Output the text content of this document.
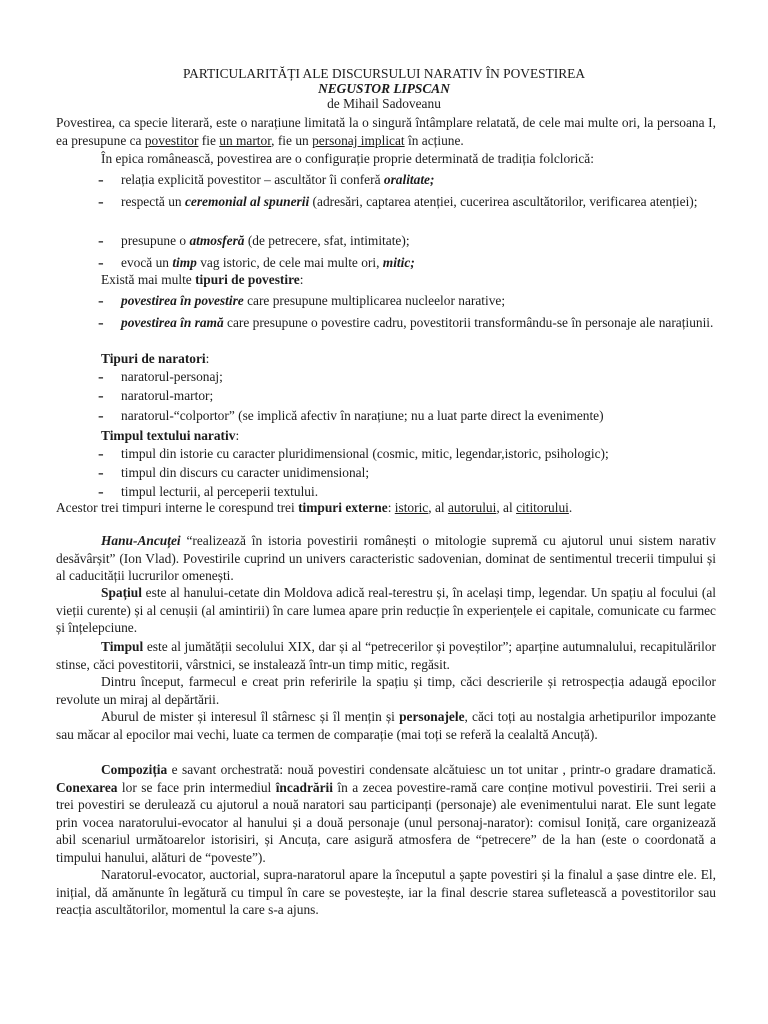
PARTICULARITĂȚI ALE DISCURSULUI NARATIV ÎN POVESTIREA
NEGUSTOR LIPSCAN
de Mihail Sadoveanu
Povestirea, ca specie literară, este o narațiune limitată la o singură întâmplare relatată, de cele mai multe ori, la persoana I, ea presupune ca povestitor fie un martor, fie un personaj implicat în acțiune.
În epica românească, povestirea are o configurație proprie determinată de tradiția folclorică:
-	relația explicită povestitor – ascultător îi conferă oralitate;
-	respectă un ceremonial al spunerii (adresări, captarea atenției, cucerirea ascultătorilor, verificarea atenției);
-	presupune o atmosferă (de petrecere, sfat, intimitate);
-	evocă un timp vag istoric, de cele mai multe ori, mitic;
Există mai multe tipuri de povestire:
-	povestirea în povestire care presupune multiplicarea nucleelor narative;
-	povestirea în ramă care presupune o povestire cadru, povestitorii transformându-se în personaje ale narațiunii.
Tipuri de naratori:
-	naratorul-personaj;
-	naratorul-martor;
-	naratorul-“colportor” (se implică afectiv în narațiune; nu a luat parte direct la evenimente)
Timpul textului narativ:
-	timpul din istorie cu caracter pluridimensional (cosmic, mitic, legendar,istoric, psihologic);
-	timpul din discurs cu caracter unidimensional;
-	timpul lecturii, al perceperii textului.
Acestor trei timpuri interne le corespund trei timpuri externe: istoric, al autorului, al cititorului.
Hanu-Ancuței “realizează în istoria povestirii românești o mitologie supremă cu ajutorul unui sistem narativ desăvârșit” (Ion Vlad). Povestirile cuprind un univers caracteristic sadovenian, dominat de sentimentul trecerii timpului și al caducității lucrurilor omenești.
Spațiul este al hanului-cetate din Moldova adică real-terestru și, în același timp, legendar. Un spațiu al focului (al vieții curente) și al cenușii (al amintirii) în care lumea apare prin reducție în experiențele ei capitale, comunicate cu farmec și înțelepciune.
Timpul este al jumătății secolului XIX, dar și al “petrecerilor și poveștilor”; aparține autumnalului, recapitulărilor stinse, căci povestitorii, vârstnici, se instalează într-un timp mitic, regăsit.
Dintru început, farmecul e creat prin referirile la spațiu și timp, căci descrierile și retrospecția adaugă epocilor revolute un miraj al depărtării.
Aburul de mister și interesul îl stârnesc și îl mențin și personajele, căci toți au nostalgia arhetipurilor impozante sau măcar al epocilor mai vechi, luate ca termen de comparație (mai toți se referă la cealaltă Ancuță).
Compoziția e savant orchestrată: nouă povestiri condensate alcătuiesc un tot unitar , printr-o gradare dramatică. Conexarea lor se face prin intermediul încadrării în a zecea povestire-ramă care conține motivul povestirii. Trei serii a trei povestiri se derulează cu ajutorul a nouă naratori sau participanți (personaje) ale evenimentului narat. Ele sunt legate prin vocea naratorului-evocator al hanului și a două personaje (unul personaj-narator): comisul Ioniță, care organizează abil scenariul următoarelor istorisiri, și Ancuța, care asigură atmosfera de “petrecere” de la han (este o coordonată a timpului hanului, alături de “poveste”).
Naratorul-evocator, auctorial, supra-naratorul apare la începutul a șapte povestiri și la finalul a șase dintre ele. El, inițial, dă amănunte în legătură cu timpul în care se povestește, iar la final descrie starea sufletească a povestitorilor sau reacția ascultătorilor, momentul la care s-a ajuns.
